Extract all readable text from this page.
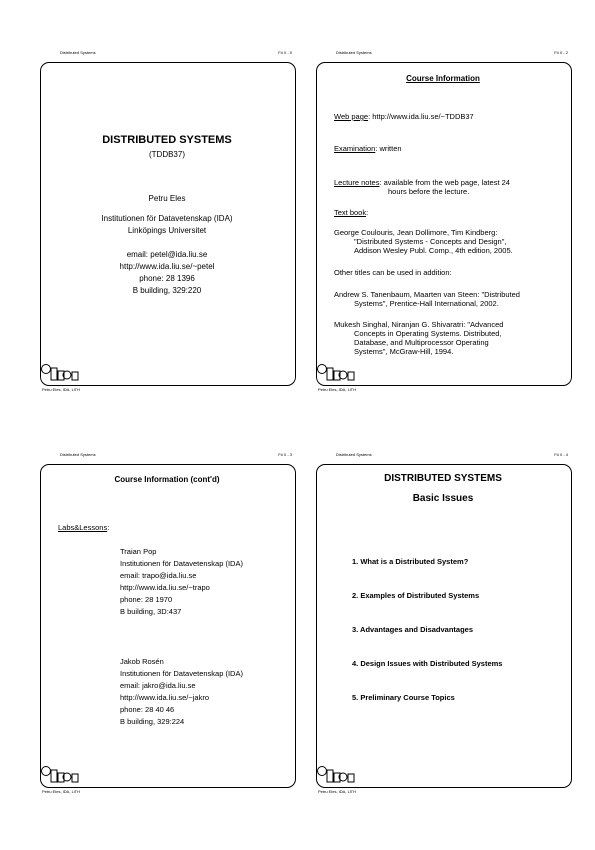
Distributed Systems	Fö 0 - 0
DISTRIBUTED SYSTEMS
(TDDB37)
Petru Eles
Institutionen för Datavetenskap (IDA)
Linköpings Universitet
email: petel@ida.liu.se
http://www.ida.liu.se/~petel
phone: 28 1396
B building, 329:220
Petru Eles, IDA, LiTH
Distributed Systems	Fö 0 - 2
Course Information
Web page: http://www.ida.liu.se/~TDDB37
Examination: written
Lecture notes: available from the web page, latest 24
hours before the lecture.
Text book:
George Coulouris, Jean Dollimore, Tim Kindberg:
"Distributed Systems - Concepts and Design",
Addison Wesley Publ. Comp., 4th edition, 2005.
Other titles can be used in addition:
Andrew S. Tanenbaum, Maarten van Steen: "Distributed
Systems", Prentice-Hall International, 2002.
Mukesh Singhal, Niranjan G. Shivaratri: "Advanced
Concepts in Operating Systems. Distributed,
Database, and Multiprocessor Operating
Systems", McGraw-Hill, 1994.
Petru Eles, IDA, LiTH
Distributed Systems	Fö 0 - 3
Course Information (cont'd)
Labs&Lessons:
Traian Pop
Institutionen för Datavetenskap (IDA)
email: trapo@ida.liu.se
http://www.ida.liu.se/~trapo
phone: 28 1970
B building, 3D:437
Jakob Rosén
Institutionen för Datavetenskap (IDA)
email: jakro@ida.liu.se
http://www.ida.liu.se/~jakro
phone: 28 40 46
B building, 329:224
Petru Eles, IDA, LiTH
Distributed Systems	Fö 0 - 4
DISTRIBUTED SYSTEMS
Basic Issues
1. What is a Distributed System?
2. Examples of Distributed Systems
3. Advantages and Disadvantages
4. Design Issues with Distributed Systems
5. Preliminary Course Topics
Petru Eles, IDA, LiTH
